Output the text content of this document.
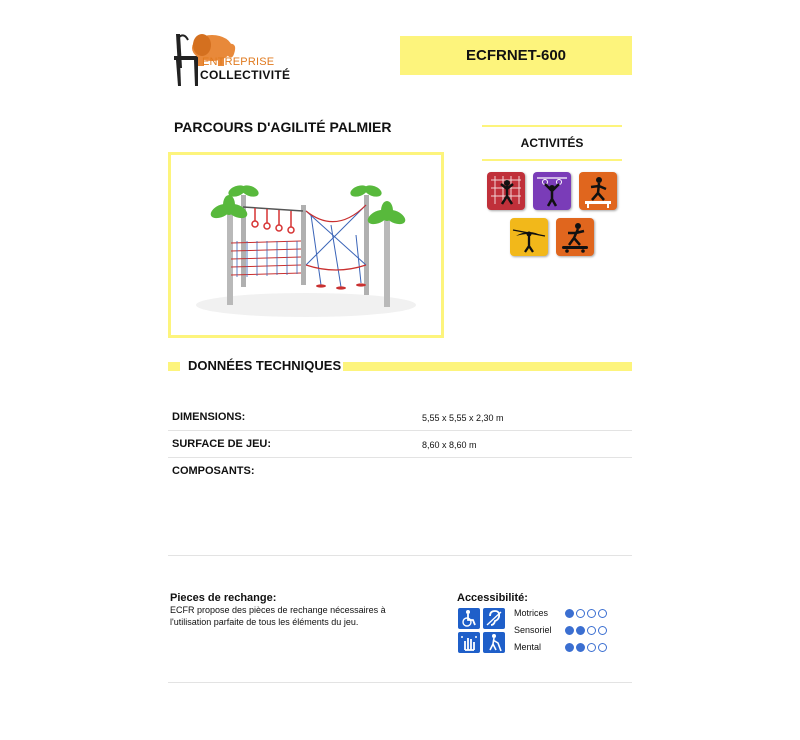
ENTREPRISE
COLLECTIVITÉ
ECFRNET-600
PARCOURS D'AGILITÉ PALMIER
ACTIVITÉS
DONNÉES TECHNIQUES
DIMENSIONS:	5,55 x 5,55 x 2,30 m
SURFACE DE JEU:	8,60 x 8,60 m
COMPOSANTS:
Pieces de rechange:
ECFR propose des pièces de rechange nécessaires à l'utilisation parfaite de tous les éléments du jeu.
Accessibilité:
Motrices
Sensoriel
Mental
